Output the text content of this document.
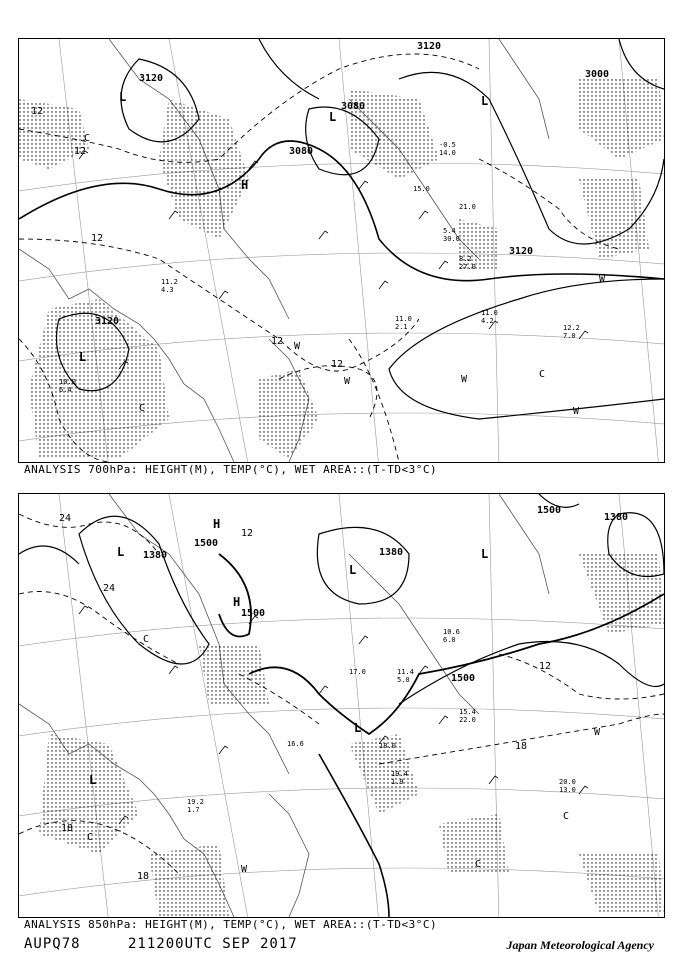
3120
3080
3120
3000
3080
3120
3120
12
12
12
12
12
L
L
L
H
L
C
C
C
W
W
W	W
W
11.2
4.3
12.2
7.0
11.0
2.1
11.0
4.2
8.2
27.0
10.0
6.4
5.4
30.0
-0.5
14.0
21.0
15.0
ANALYSIS 700hPa: HEIGHT(M), TEMP(°C), WET AREA::(T-TD<3°C)
1500
1380
1500
1500
1380
1500
1380
24
24
18
18
18
12
12
L
H
H
L
L
L
L
C
C
C
C
W
W
20.0
13.0
19.4
1.9
19.2
1.7
15.4
22.0
11.4
5.0
10.6
6.0
18.0
16.6
17.0
ANALYSIS 850hPa: HEIGHT(M), TEMP(°C), WET AREA::(T-TD<3°C)
AUPQ78	211200UTC SEP 2017	Japan Meteorological Agency
